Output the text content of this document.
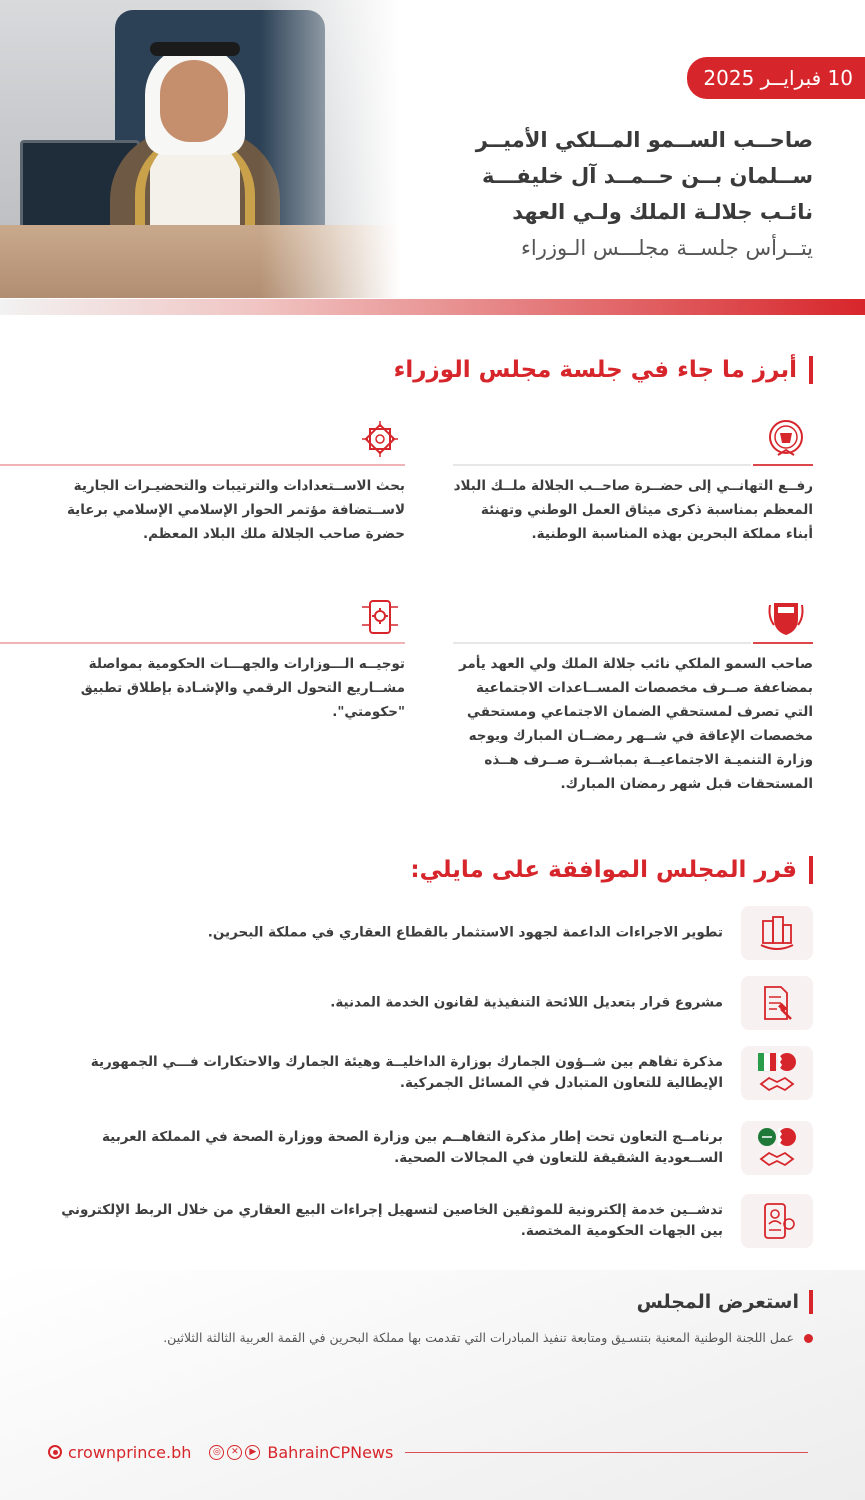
10 فبرايــر 2025
صاحــب الســمو المــلكي الأميــر
ســلمان بــن حــمــد آل خليفـــة
نائـب جلالـة الملك ولـي العهد
يتــرأس جلســة مجلـــس الـوزراء
أبرز ما جاء في جلسة مجلس الوزراء
رفــع التهانــي إلى حضــرة صاحــب الجلالة ملــك البلاد المعظم بمناسبة ذكرى ميثاق العمل الوطني وتهنئة أبناء مملكة البحرين بهذه المناسبة الوطنية.
بحث الاســتعدادات والترتيبات والتحضيـرات الجارية لاســتضافة مؤتمر الحوار الإسلامي الإسلامي برعاية حضرة صاحب الجلالة ملك البلاد المعظم.
صاحب السمو الملكي نائب جلالة الملك ولي العهد يأمر بمضاعفة صــرف مخصصات المســاعدات الاجتماعية التي تصرف لمستحقي الضمان الاجتماعي ومستحقي مخصصات الإعاقة في شــهر رمضــان المبارك ويوجه وزارة التنميـة الاجتماعيــة بمباشــرة صــرف هــذه المستحقات قبل شهر رمضان المبارك.
توجيــه الـــوزارات والجهـــات الحكومية بمواصلة مشــاريع التحول الرقمي والإشـادة بإطلاق تطبيق "حكومتي".
قرر المجلس الموافقة على مايلي:
تطوير الاجراءات الداعمة لجهود الاستثمار بالقطاع العقاري في مملكة البحرين.
مشروع قرار بتعديل اللائحة التنفيذية لقانون الخدمة المدنية.
مذكرة تفاهم بين شــؤون الجمارك بوزارة الداخليــة وهيئة الجمارك والاحتكارات فـــي الجمهورية الإيطالية للتعاون المتبادل في المسائل الجمركية.
برنامــج التعاون تحت إطار مذكرة التفاهــم بين وزارة الصحة ووزارة الصحة في المملكة العربية الســعودية الشقيقة للتعاون في المجالات الصحية.
تدشــين خدمة إلكترونية للموثقين الخاصين لتسهيل إجراءات البيع العقاري من خلال الربط الإلكتروني بين الجهات الحكومية المختصة.
استعرض المجلس
عمل اللجنة الوطنية المعنية بتنسـيق ومتابعة تنفيذ المبادرات التي تقدمت بها مملكة البحرين في القمة العربية الثالثة الثلاثين.
crownprince.bh	◎	✕	▶ BahrainCPNews
